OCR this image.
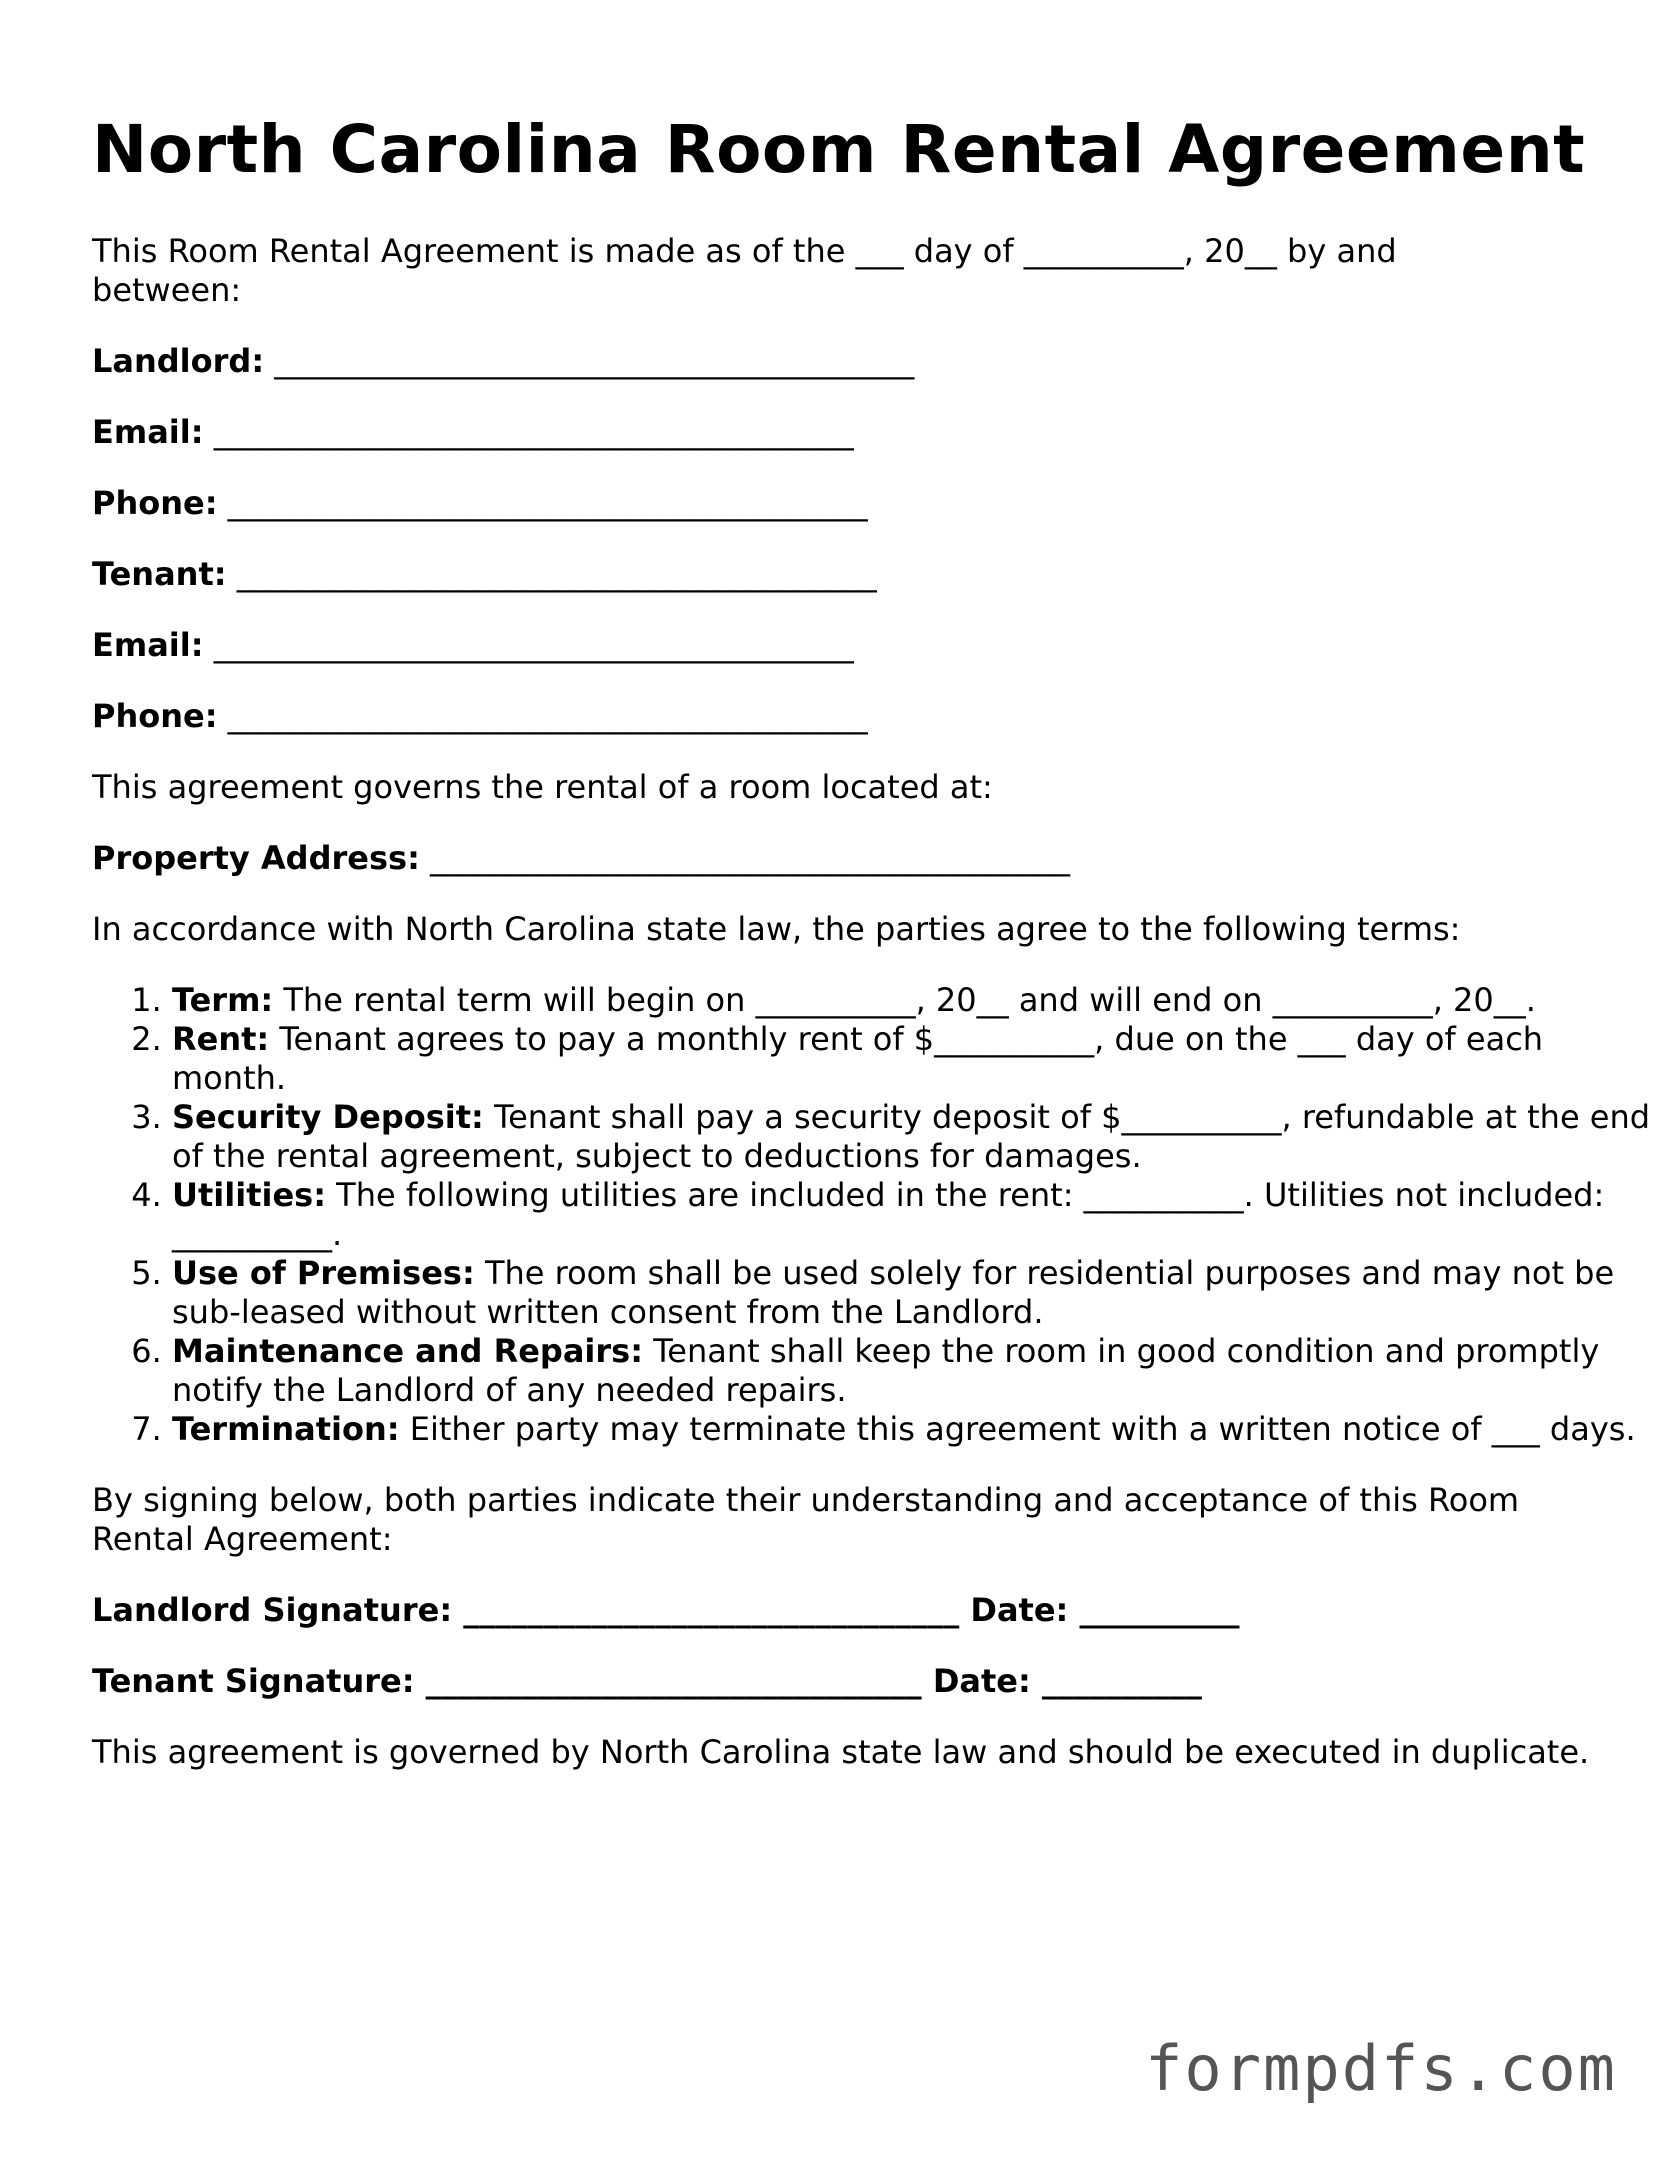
North Carolina Room Rental Agreement

This Room Rental Agreement is made as of the ___ day of __________, 20__ by and between:

Landlord: ________________________________________

Email: ________________________________________

Phone: ________________________________________

Tenant: ________________________________________

Email: ________________________________________

Phone: ________________________________________

This agreement governs the rental of a room located at:

Property Address: ________________________________________

In accordance with North Carolina state law, the parties agree to the following terms:

1. Term: The rental term will begin on __________, 20__ and will end on __________, 20__.
2. Rent: Tenant agrees to pay a monthly rent of $__________, due on the ___ day of each month.
3. Security Deposit: Tenant shall pay a security deposit of $__________, refundable at the end of the rental agreement, subject to deductions for damages.
4. Utilities: The following utilities are included in the rent: __________. Utilities not included: __________.
5. Use of Premises: The room shall be used solely for residential purposes and may not be sub-leased without written consent from the Landlord.
6. Maintenance and Repairs: Tenant shall keep the room in good condition and promptly notify the Landlord of any needed repairs.
7. Termination: Either party may terminate this agreement with a written notice of ___ days.

By signing below, both parties indicate their understanding and acceptance of this Room Rental Agreement:

Landlord Signature: _______________________________ Date: __________

Tenant Signature: _______________________________ Date: __________

This agreement is governed by North Carolina state law and should be executed in duplicate.

formpdfs.com
